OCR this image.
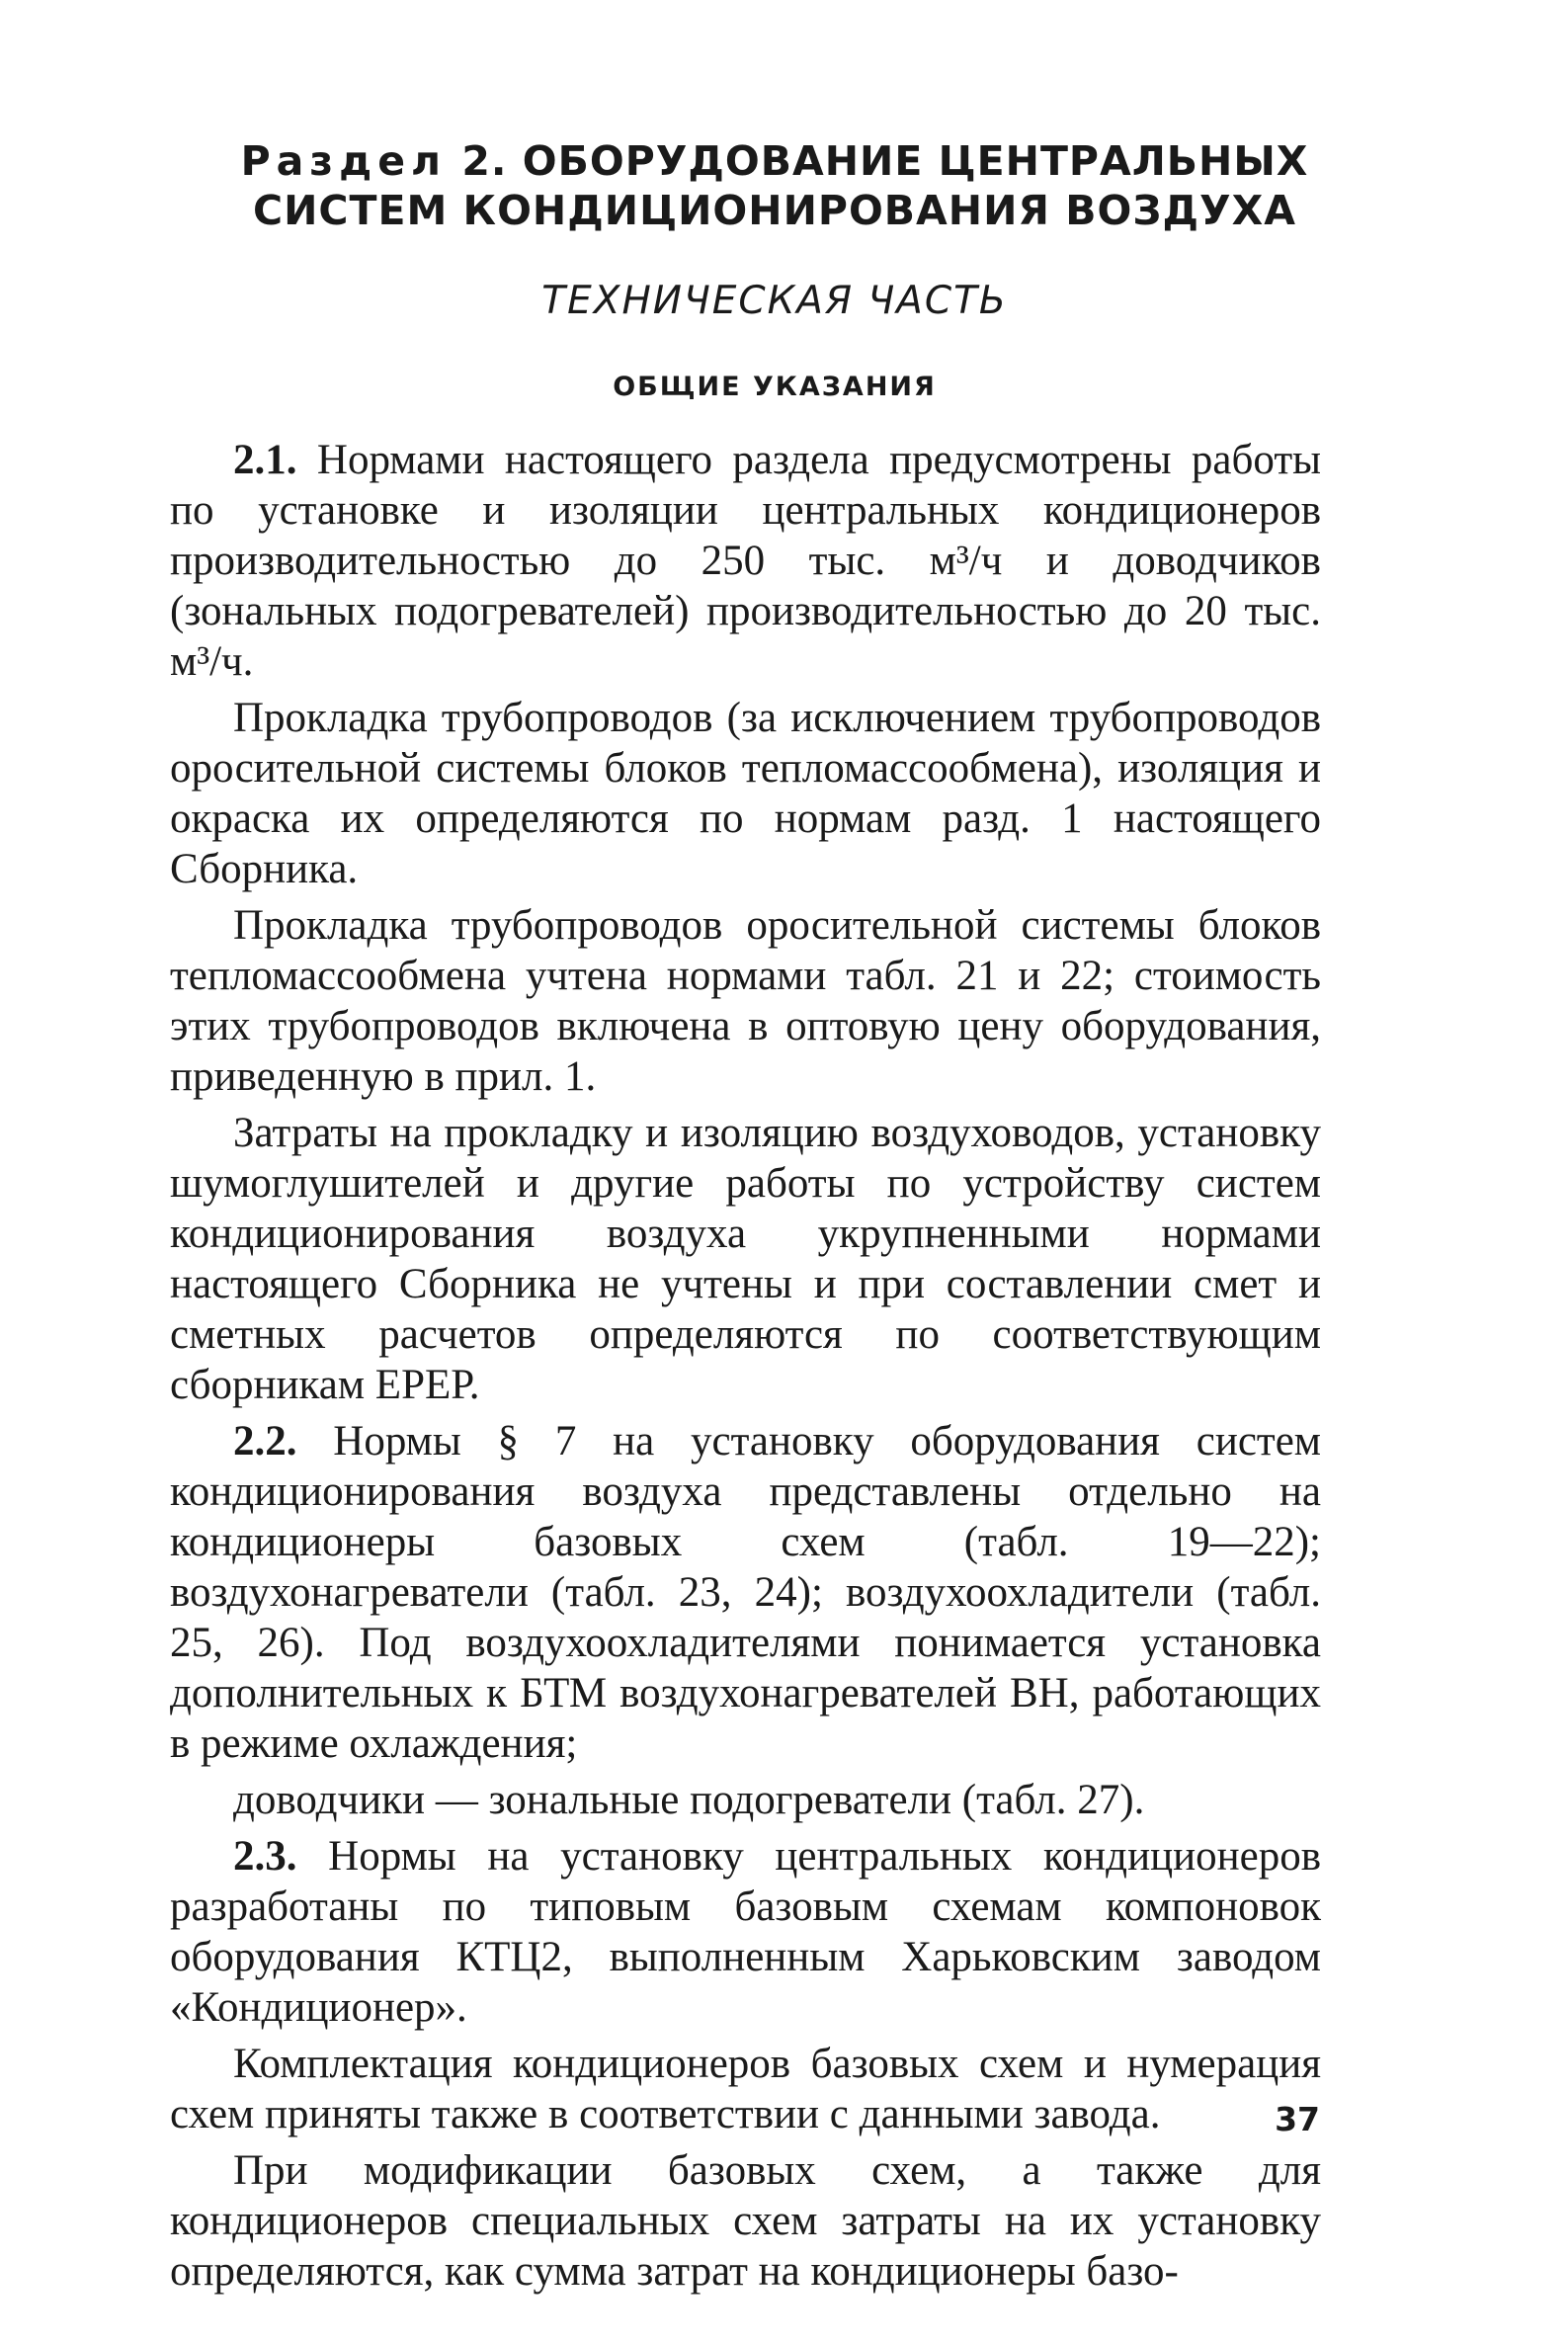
Раздел 2. ОБОРУДОВАНИЕ ЦЕНТРАЛЬНЫХ
СИСТЕМ КОНДИЦИОНИРОВАНИЯ ВОЗДУХА
ТЕХНИЧЕСКАЯ ЧАСТЬ
ОБЩИЕ УКАЗАНИЯ

2.1. Нормами настоящего раздела предусмотрены работы по установке и изоляции центральных кондиционеров производительностью до 250 тыс. м³/ч и доводчиков (зональных подогревателей) производительностью до 20 тыс. м³/ч.

Прокладка трубопроводов (за исключением трубопроводов оросительной системы блоков тепломассообмена), изоляция и окраска их определяются по нормам разд. 1 настоящего Сборника.

Прокладка трубопроводов оросительной системы блоков тепломассообмена учтена нормами табл. 21 и 22; стоимость этих трубопроводов включена в оптовую цену оборудования, приведенную в прил. 1.

Затраты на прокладку и изоляцию воздуховодов, установку шумоглушителей и другие работы по устройству систем кондиционирования воздуха укрупненными нормами настоящего Сборника не учтены и при составлении смет и сметных расчетов определяются по соответствующим сборникам ЕРЕР.

2.2. Нормы § 7 на установку оборудования систем кондиционирования воздуха представлены отдельно на кондиционеры базовых схем (табл. 19—22); воздухонагреватели (табл. 23, 24); воздухоохладители (табл. 25, 26). Под воздухоохладителями понимается установка дополнительных к БТМ воздухонагревателей ВН, работающих в режиме охлаждения;

доводчики — зональные подогреватели (табл. 27).

2.3. Нормы на установку центральных кондиционеров разработаны по типовым базовым схемам компоновок оборудования КТЦ2, выполненным Харьковским заводом «Кондиционер».

Комплектация кондиционеров базовых схем и нумерация схем приняты также в соответствии с данными завода.

При модификации базовых схем, а также для кондиционеров специальных схем затраты на их установку определяются, как сумма затрат на кондиционеры базо-

37
